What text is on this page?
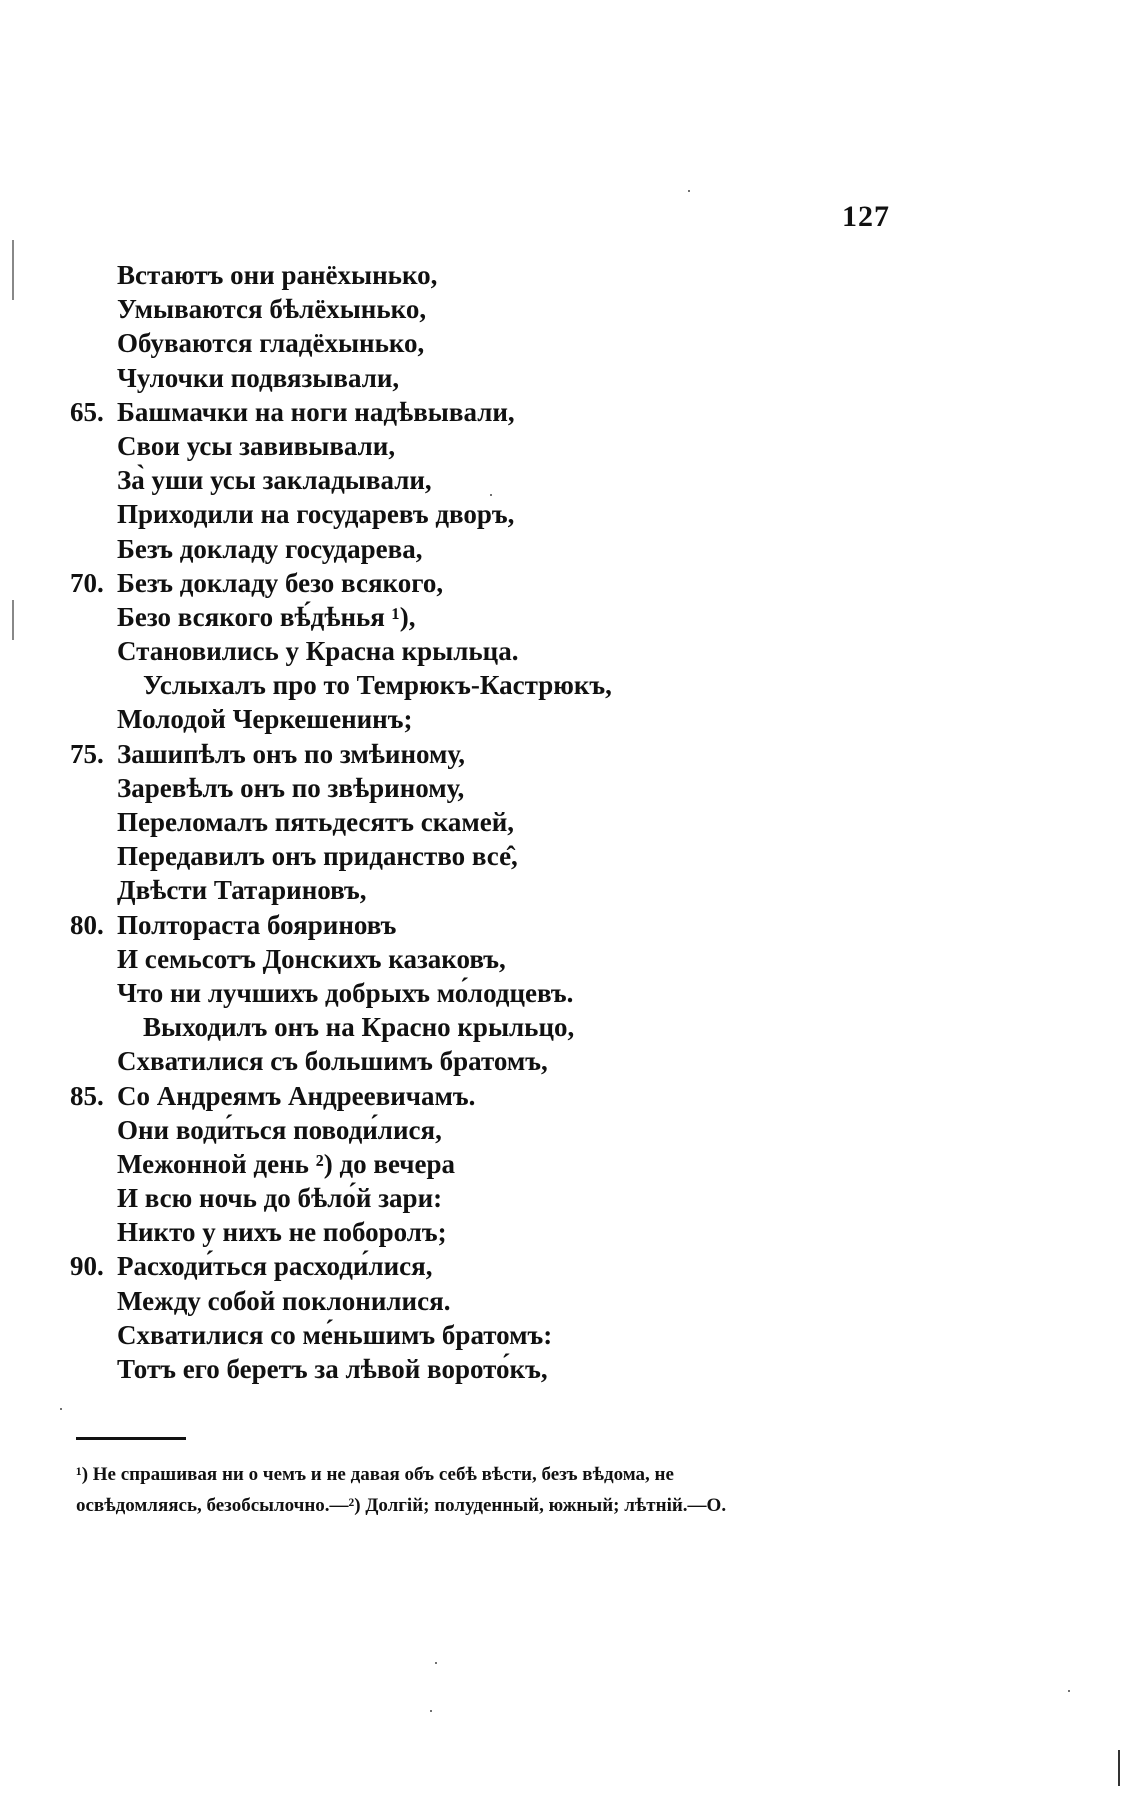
127
Встаютъ они ранёхынько,
Умываются бѣлёхынько,
Обуваются гладёхынько,
Чулочки подвязывали,
65. Башмачки на ноги надѣвывали,
Свои усы завивывали,
За̀ уши усы закладывали,
Приходили на государевъ дворъ,
Безъ докладу государева,
70. Безъ докладу безо всякого,
Безо всякого вѣ́дѣнья ¹),
Становились у Красна крыльца.
Услыхалъ про то Темрюкъ-Кастрюкъ,
Молодой Черкешенинъ;
75. Зашипѣлъ онъ по змѣиному,
Заревѣлъ онъ по звѣриному,
Переломалъ пятьдесятъ скамей,
Передавилъ онъ приданство все̂,
Двѣсти Татариновъ,
80. Полтораста бояриновъ
И семьсотъ Донскихъ казаковъ,
Что ни лучшихъ добрыхъ мо́лодцевъ.
Выходилъ онъ на Красно крыльцо,
Схватилися съ большимъ братомъ,
85. Со Андреямъ Андреевичамъ.
Они води́ться поводи́лися,
Межонной день ²) до вечера
И всю ночь до бѣло́й зари:
Никто у нихъ не поборолъ;
90. Расходи́ться расходи́лися,
Между собой поклонилися.
Схватилися со ме́ньшимъ братомъ:
Тотъ его беретъ за лѣвой ворото́къ,

¹) Не спрашивая ни о чемъ и не давая объ себѣ вѣсти, безъ вѣдома, не

освѣдомляясь, безобсылочно.—²) Долгій; полуденный, южный; лѣтній.—О.
